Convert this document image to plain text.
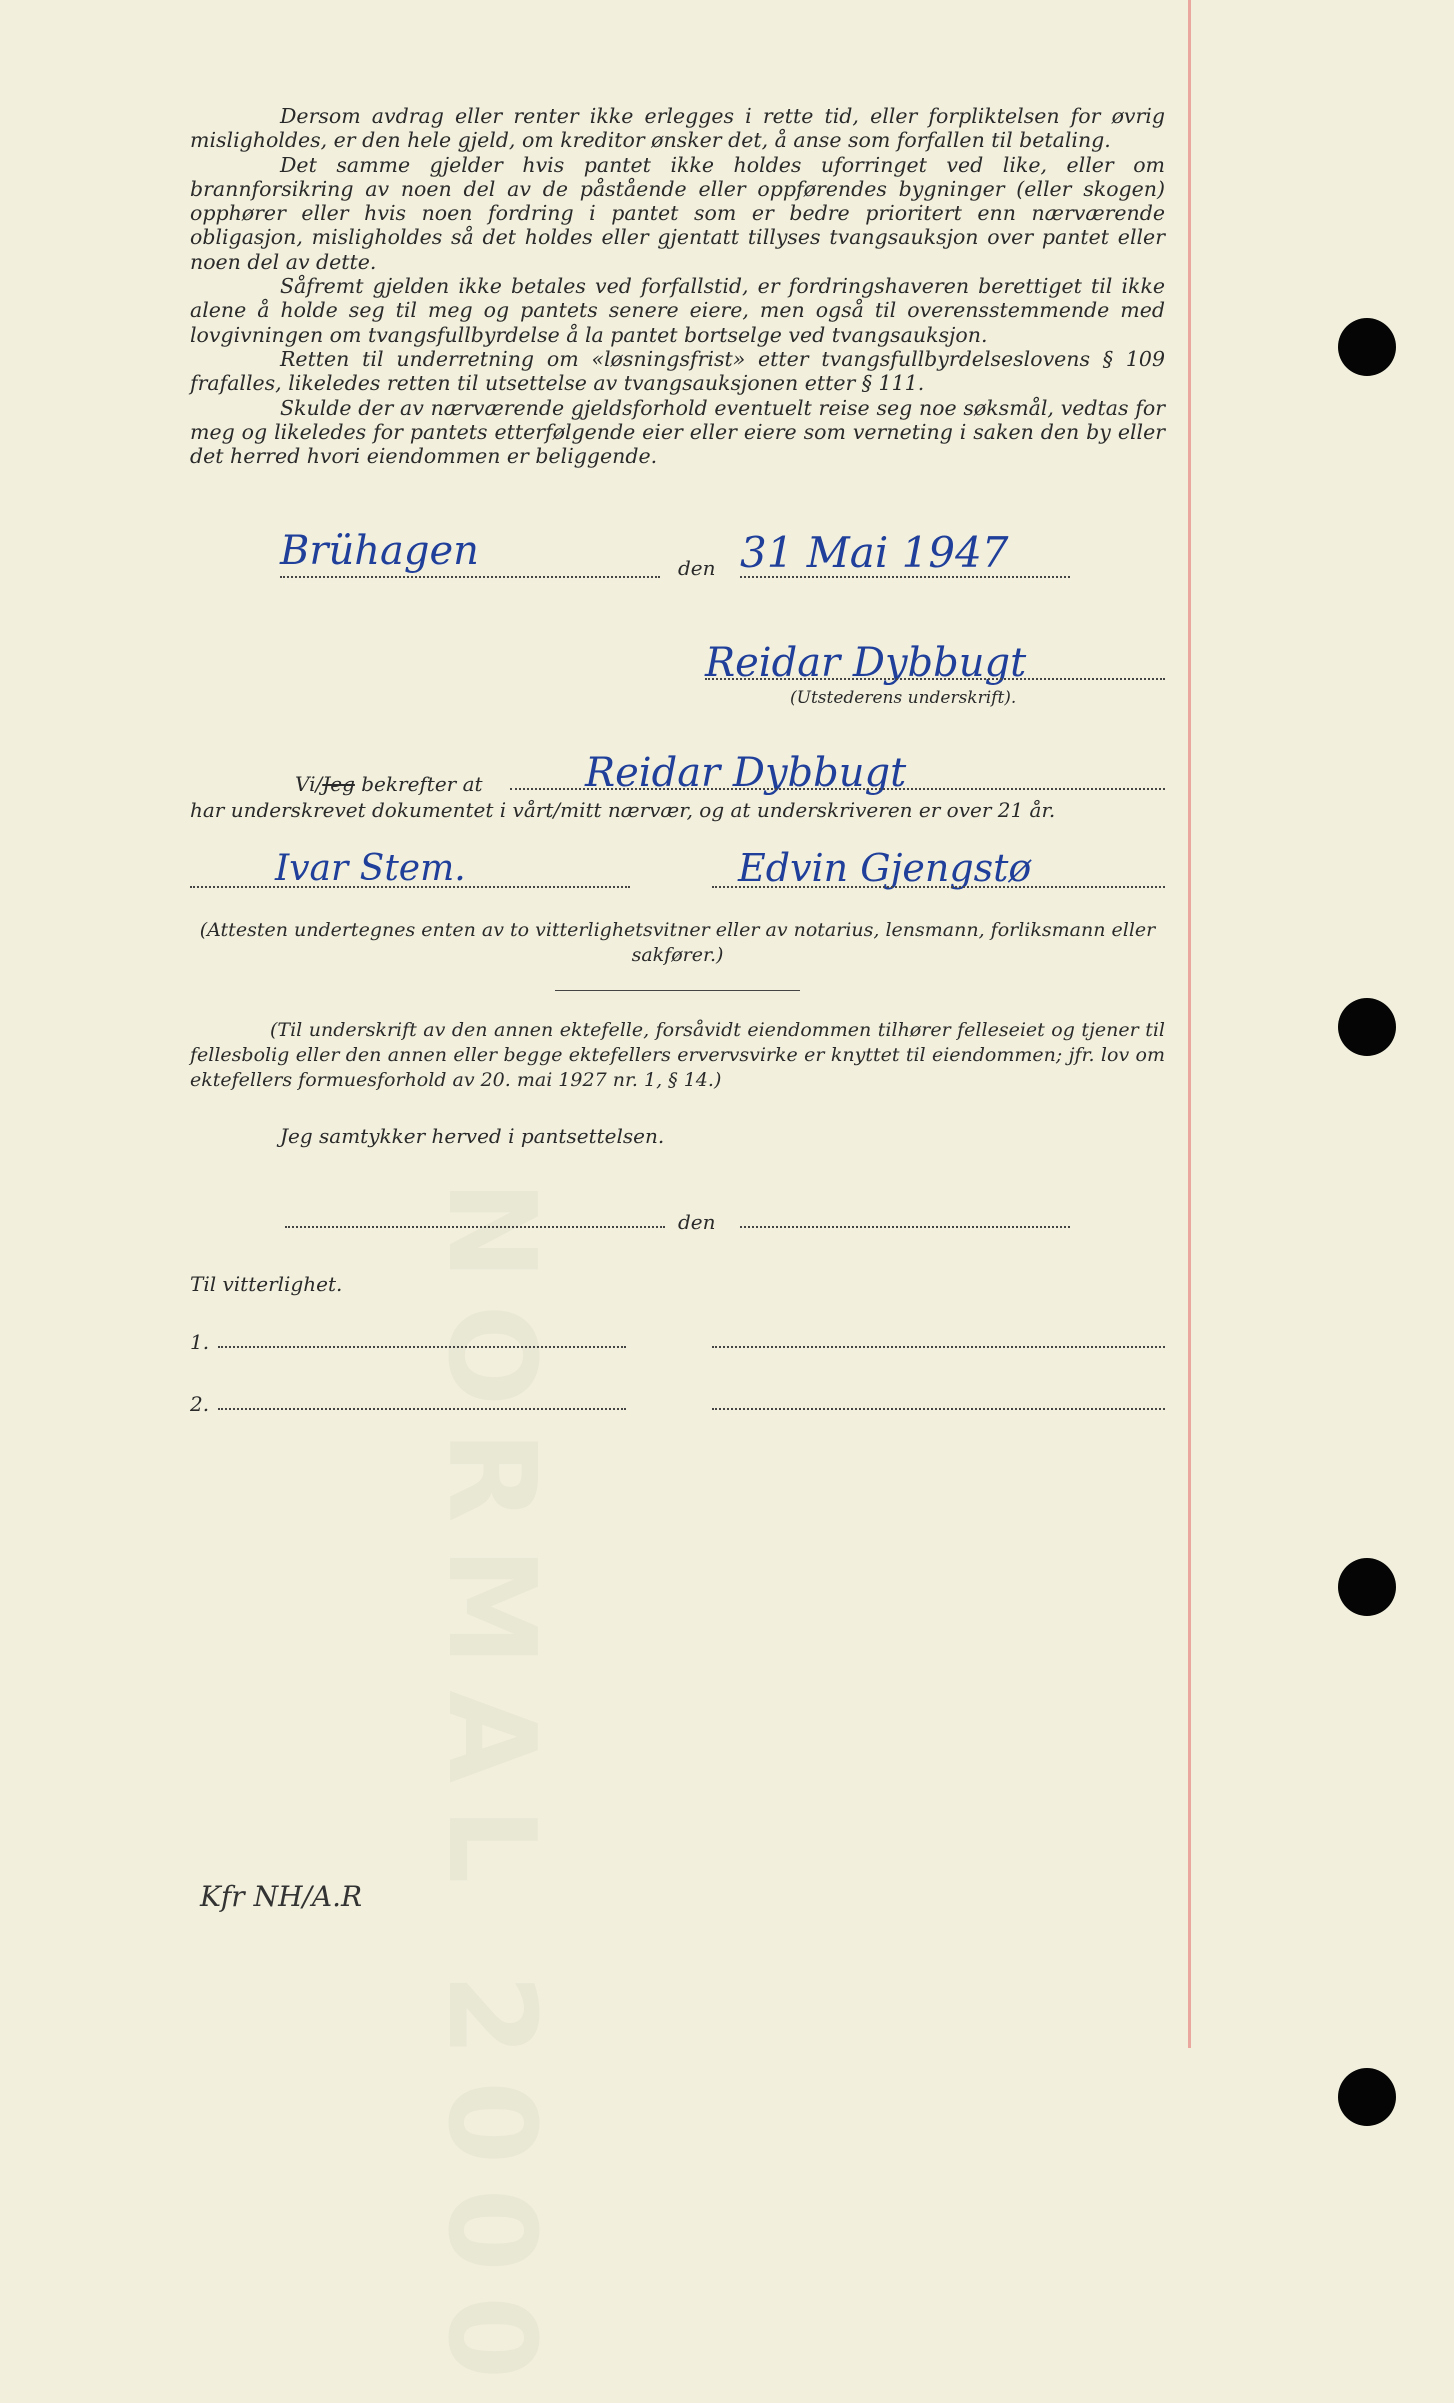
NORMAL 2000

Dersom avdrag eller renter ikke erlegges i rette tid, eller forpliktelsen for øvrig misligholdes, er den hele gjeld, om kreditor ønsker det, å anse som forfallen til betaling.

Det samme gjelder hvis pantet ikke holdes uforringet ved like, eller om brannforsikring av noen del av de påstående eller oppførendes bygninger (eller skogen) opphører eller hvis noen fordring i pantet som er bedre prioritert enn nærværende obligasjon, misligholdes så det holdes eller gjentatt tillyses tvangsauksjon over pantet eller noen del av dette.

Såfremt gjelden ikke betales ved forfallstid, er fordringshaveren berettiget til ikke alene å holde seg til meg og pantets senere eiere, men også til overensstemmende med lovgivningen om tvangsfullbyrdelse å la pantet bortselge ved tvangsauksjon.

Retten til underretning om «løsningsfrist» etter tvangsfullbyrdelseslovens § 109 frafalles, likeledes retten til utsettelse av tvangsauksjonen etter § 111.

Skulde der av nærværende gjeldsforhold eventuelt reise seg noe søksmål, vedtas for meg og likeledes for pantets etterfølgende eier eller eiere som verneting i saken den by eller det herred hvori eiendommen er beliggende.

Brühagen	den 31 Mai 1947
Reidar Dybbugt
(Utstederens underskrift).
Vi/Jeg bekrefter at	Reidar Dybbugt
har underskrevet dokumentet i vårt/mitt nærvær, og at underskriveren er over 21 år.
Ivar Stem.	Edvin Gjengstø

(Attesten undertegnes enten av to vitterlighetsvitner eller av notarius, lensmann, forliksmann eller sakfører.)

(Til underskrift av den annen ektefelle, forsåvidt eiendommen tilhører felleseiet og tjener til fellesbolig eller den annen eller begge ektefellers ervervsvirke er knyttet til eiendommen; jfr. lov om ektefellers formuesforhold av 20. mai 1927 nr. 1, § 14.)

Jeg samtykker herved i pantsettelsen.
den
Til vitterlighet.
1.
2.
Kfr NH/A.R
